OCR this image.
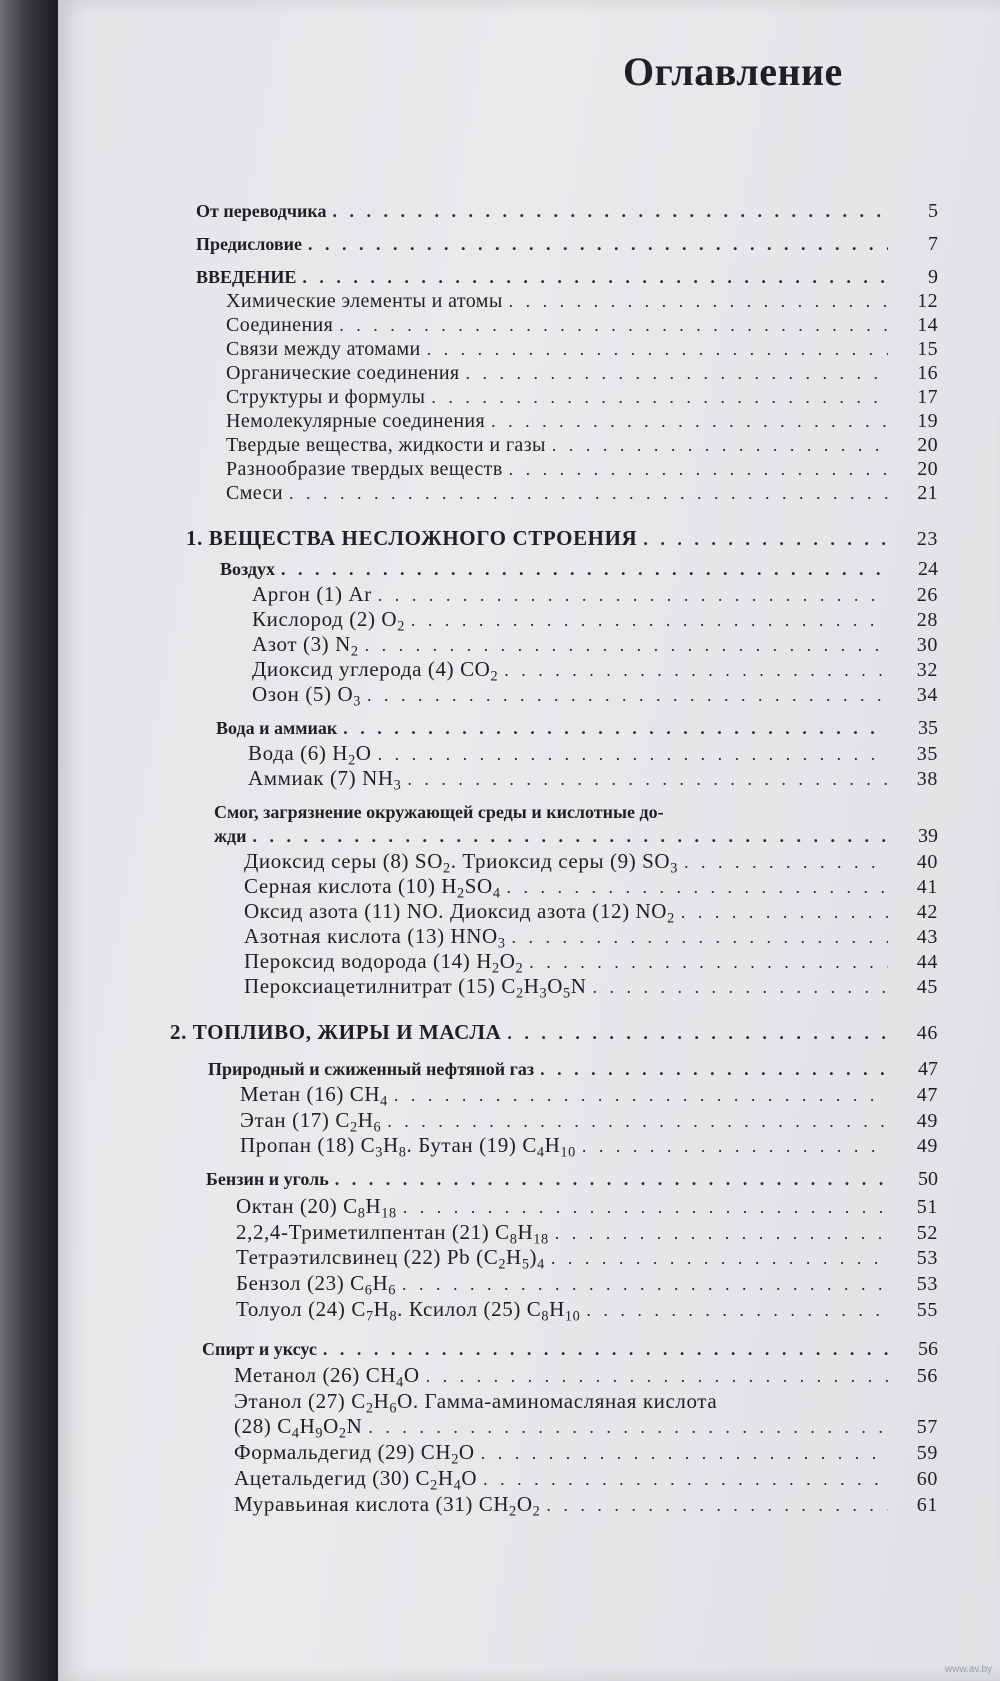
Оглавление
От переводчика . . .	5
Предисловие . . .	7
ВВЕДЕНИЕ . . .	9
Химические элементы и атомы . . .	12
Соединения . . .	14
Связи между атомами . . .	15
Органические соединения . . .	16
Структуры и формулы . . .	17
Немолекулярные соединения . . .	19
Твердые вещества, жидкости и газы . . .	20
Разнообразие твердых веществ . . .	20
Смеси . . .	21
1. ВЕЩЕСТВА НЕСЛОЖНОГО СТРОЕНИЯ . . .	23
Воздух . . .	24
Аргон (1) Ar . . .	26
Кислород (2) $O_2$ . . .	28
Азот (3) $N_2$ . . .	30
Диоксид углерода (4) $CO_2$ . . .	32
Озон (5) $O_3$ . . .	34
Вода и аммиак . . .	35
Вода (6) $H_2O$ . . .	35
Аммиак (7) $NH_3$ . . .	38
Смог, загрязнение окружающей среды и кислотные до-
жди . . .	39
Диоксид серы (8) $SO_2$. Триоксид серы (9) $SO_3$ . . .	40
Серная кислота (10) $H_2SO_4$ . . .	41
Оксид азота (11) NO. Диоксид азота (12) $NO_2$ . . .	42
Азотная кислота (13) $HNO_3$ . . .	43
Пероксид водорода (14) $H_2O_2$ . . .	44
Пероксиацетилнитрат (15) $C_2H_3O_5N$ . . .	45
2. ТОПЛИВО, ЖИРЫ И МАСЛА . . .	46
Природный и сжиженный нефтяной газ . . .	47
Метан (16) $CH_4$ . . .	47
Этан (17) $C_2H_6$ . . .	49
Пропан (18) $C_3H_8$. Бутан (19) $C_4H_{10}$ . . .	49
Бензин и уголь . . .	50
Октан (20) $C_8H_{18}$ . . .	51
2,2,4-Триметилпентан (21) $C_8H_{18}$ . . .	52
Тетраэтилсвинец (22) Pb $(C_2H_5)_4$ . . .	53
Бензол (23) $C_6H_6$ . . .	53
Толуол (24) $C_7H_8$. Ксилол (25) $C_8H_{10}$ . . .	55
Спирт и уксус . . .	56
Метанол (26) $CH_4O$ . . .	56
Этанол (27) $C_2H_6O$. Гамма-аминомасляная кислота
(28) $C_4H_9O_2N$ . . .	57
Формальдегид (29) $CH_2O$ . . .	59
Ацетальдегид (30) $C_2H_4O$ . . .	60
Муравьиная кислота (31) $CH_2O_2$ . . .	61
www.av.by
